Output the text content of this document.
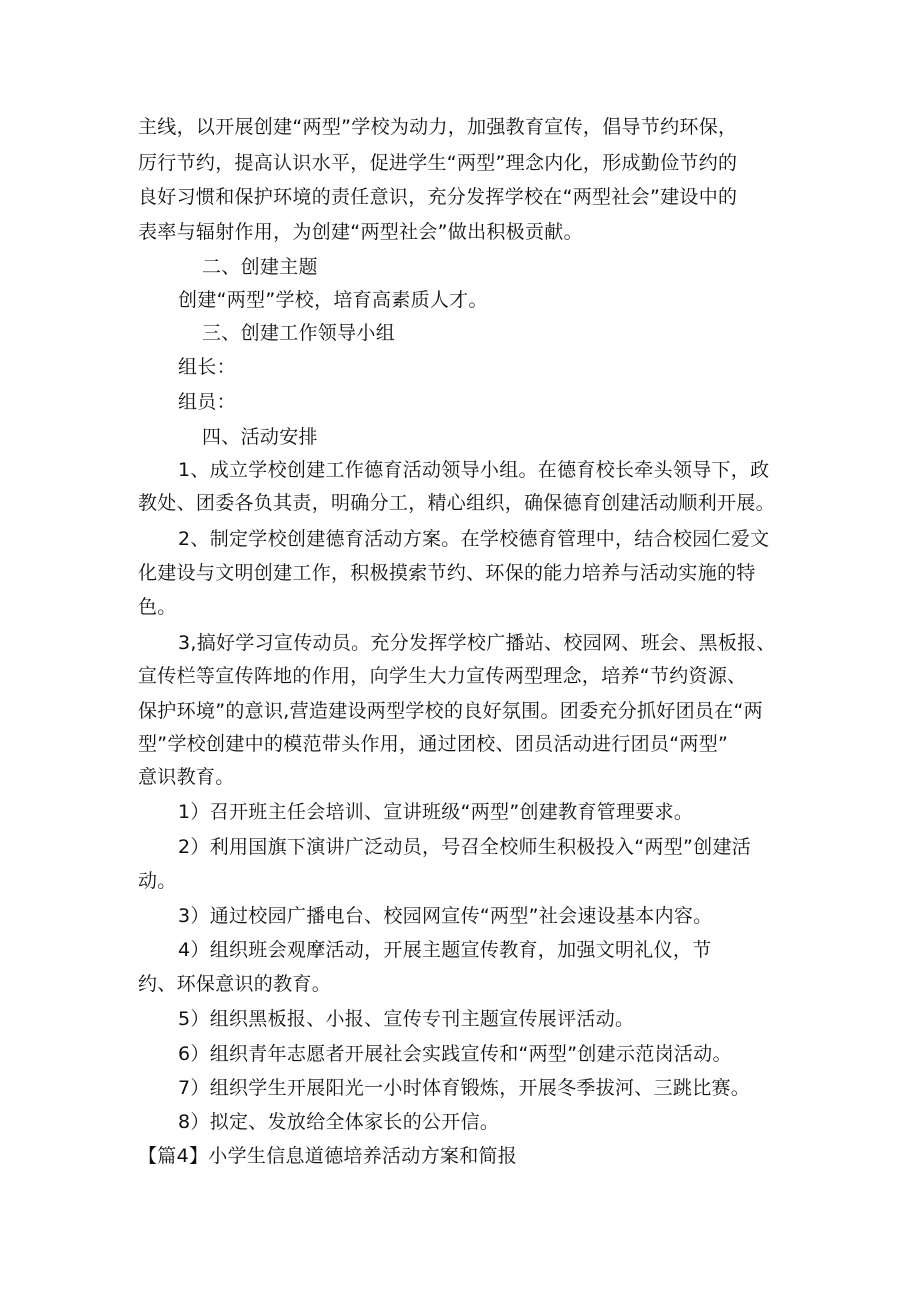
主线，以开展创建“两型”学校为动力，加强教育宣传，倡导节约环保，
厉行节约，提高认识水平，促进学生“两型”理念内化，形成勤俭节约的
良好习惯和保护环境的责任意识，充分发挥学校在“两型社会”建设中的
表率与辐射作用，为创建“两型社会”做出积极贡献。
二、创建主题
创建“两型”学校，培育高素质人才。
三、创建工作领导小组
组长：
组员：
四、活动安排
1、成立学校创建工作德育活动领导小组。在德育校长牵头领导下，政
教处、团委各负其责，明确分工，精心组织，确保德育创建活动顺利开展。
2、制定学校创建德育活动方案。在学校德育管理中，结合校园仁爱文
化建设与文明创建工作，积极摸索节约、环保的能力培养与活动实施的特
色。
3,搞好学习宣传动员。充分发挥学校广播站、校园网、班会、黑板报、
宣传栏等宣传阵地的作用，向学生大力宣传两型理念，培养“节约资源、
保护环境”的意识,营造建设两型学校的良好氛围。团委充分抓好团员在“两
型”学校创建中的模范带头作用，通过团校、团员活动进行团员“两型”
意识教育。
1）召开班主任会培训、宣讲班级“两型”创建教育管理要求。
2）利用国旗下演讲广泛动员，号召全校师生积极投入“两型”创建活
动。
3）通过校园广播电台、校园网宣传“两型”社会速设基本内容。
4）组织班会观摩活动，开展主题宣传教育，加强文明礼仪，节
约、环保意识的教育。
5）组织黑板报、小报、宣传专刊主题宣传展评活动。
6）组织青年志愿者开展社会实践宣传和“两型”创建示范岗活动。
7）组织学生开展阳光一小时体育锻炼，开展冬季拔河、三跳比赛。
8）拟定、发放给全体家长的公开信。
【篇4】小学生信息道德培养活动方案和简报
